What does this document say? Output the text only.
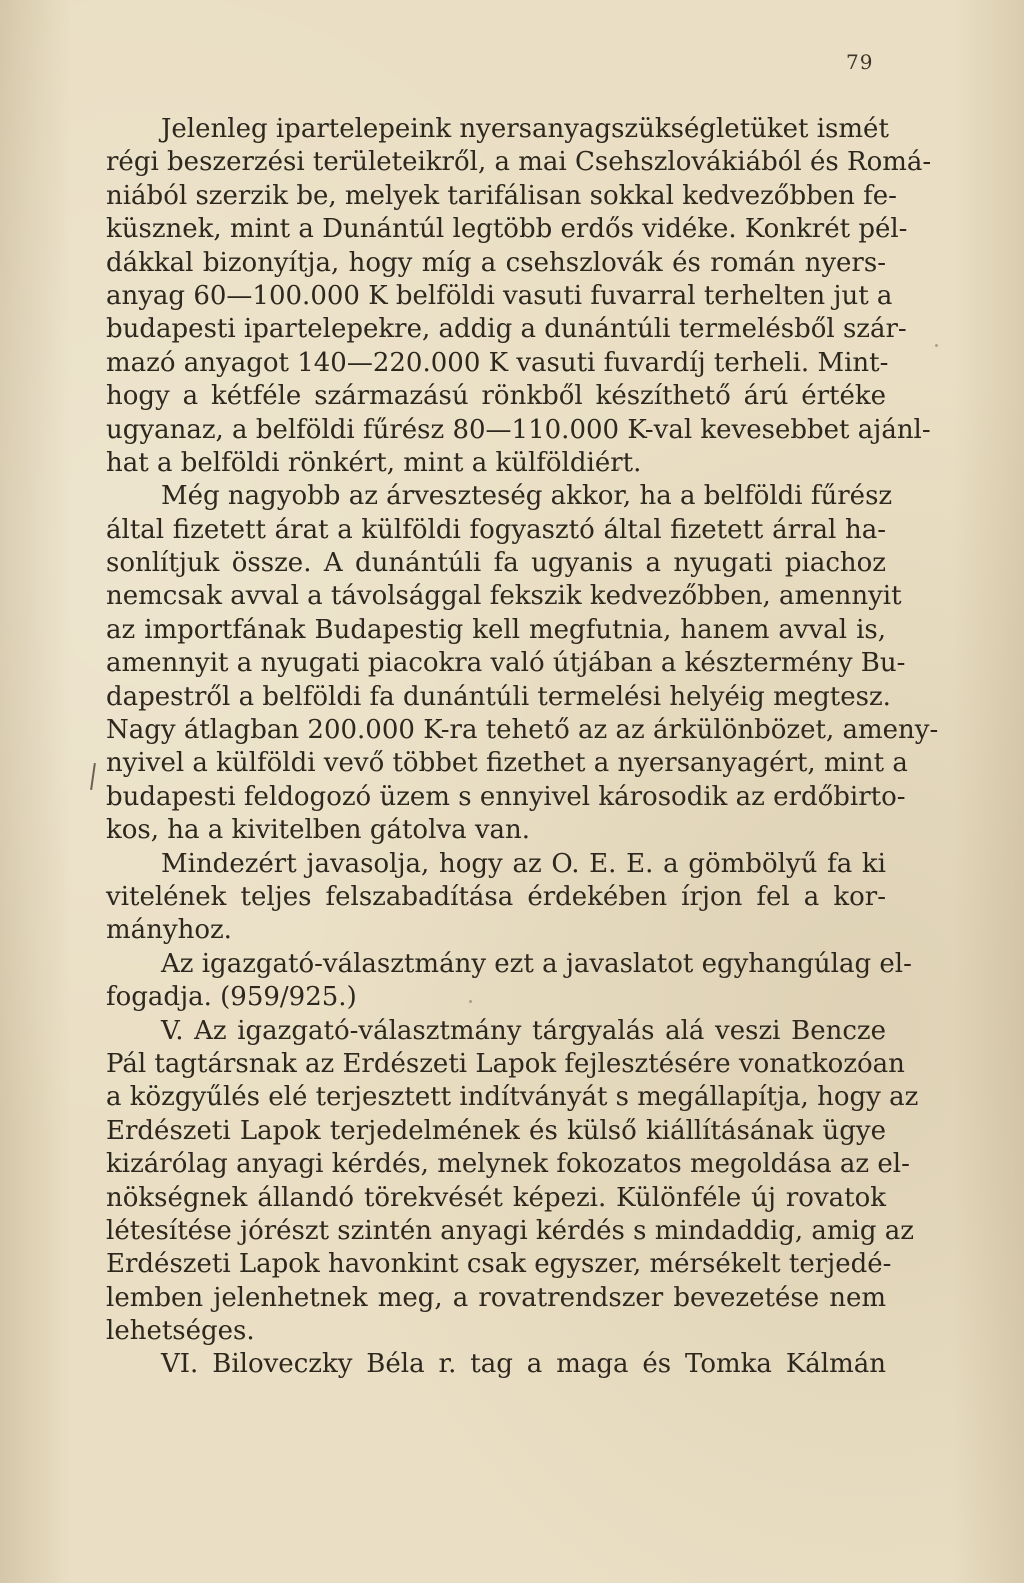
79
Jelenleg ipartelepeink nyersanyagszükségletüket ismét
régi beszerzési területeikről, a mai Csehszlovákiából és Romá-
niából szerzik be, melyek tarifálisan sokkal kedvezőbben fe-
küsznek, mint a Dunántúl legtöbb erdős vidéke. Konkrét pél-
dákkal bizonyítja, hogy míg a csehszlovák és román nyers-
anyag 60—100.000 K belföldi vasuti fuvarral terhelten jut a
budapesti ipartelepekre, addig a dunántúli termelésből szár-
mazó anyagot 140—220.000 K vasuti fuvardíj terheli. Mint-
hogy a kétféle származású rönkből készíthető árú értéke
ugyanaz, a belföldi fűrész 80—110.000 K-val kevesebbet ajánl-
hat a belföldi rönkért, mint a külföldiért.
Még nagyobb az árveszteség akkor, ha a belföldi fűrész
által fizetett árat a külföldi fogyasztó által fizetett árral ha-
sonlítjuk össze. A dunántúli fa ugyanis a nyugati piachoz
nemcsak avval a távolsággal fekszik kedvezőbben, amennyit
az importfának Budapestig kell megfutnia, hanem avval is,
amennyit a nyugati piacokra való útjában a késztermény Bu-
dapestről a belföldi fa dunántúli termelési helyéig megtesz.
Nagy átlagban 200.000 K-ra tehető az az árkülönbözet, ameny-
nyivel a külföldi vevő többet fizethet a nyersanyagért, mint a
budapesti feldogozó üzem s ennyivel károsodik az erdőbirto-
kos, ha a kivitelben gátolva van.
Mindezért javasolja, hogy az O. E. E. a gömbölyű fa ki
vitelének teljes felszabadítása érdekében írjon fel a kor-
mányhoz.
Az igazgató-választmány ezt a javaslatot egyhangúlag el-
fogadja. (959/925.)
V. Az igazgató-választmány tárgyalás alá veszi Bencze
Pál tagtársnak az Erdészeti Lapok fejlesztésére vonatkozóan
a közgyűlés elé terjesztett indítványát s megállapítja, hogy az
Erdészeti Lapok terjedelmének és külső kiállításának ügye
kizárólag anyagi kérdés, melynek fokozatos megoldása az el-
nökségnek állandó törekvését képezi. Különféle új rovatok
létesítése jórészt szintén anyagi kérdés s mindaddig, amig az
Erdészeti Lapok havonkint csak egyszer, mérsékelt terjedé-
lemben jelenhetnek meg, a rovatrendszer bevezetése nem
lehetséges.
VI. Biloveczky Béla r. tag a maga és Tomka Kálmán
